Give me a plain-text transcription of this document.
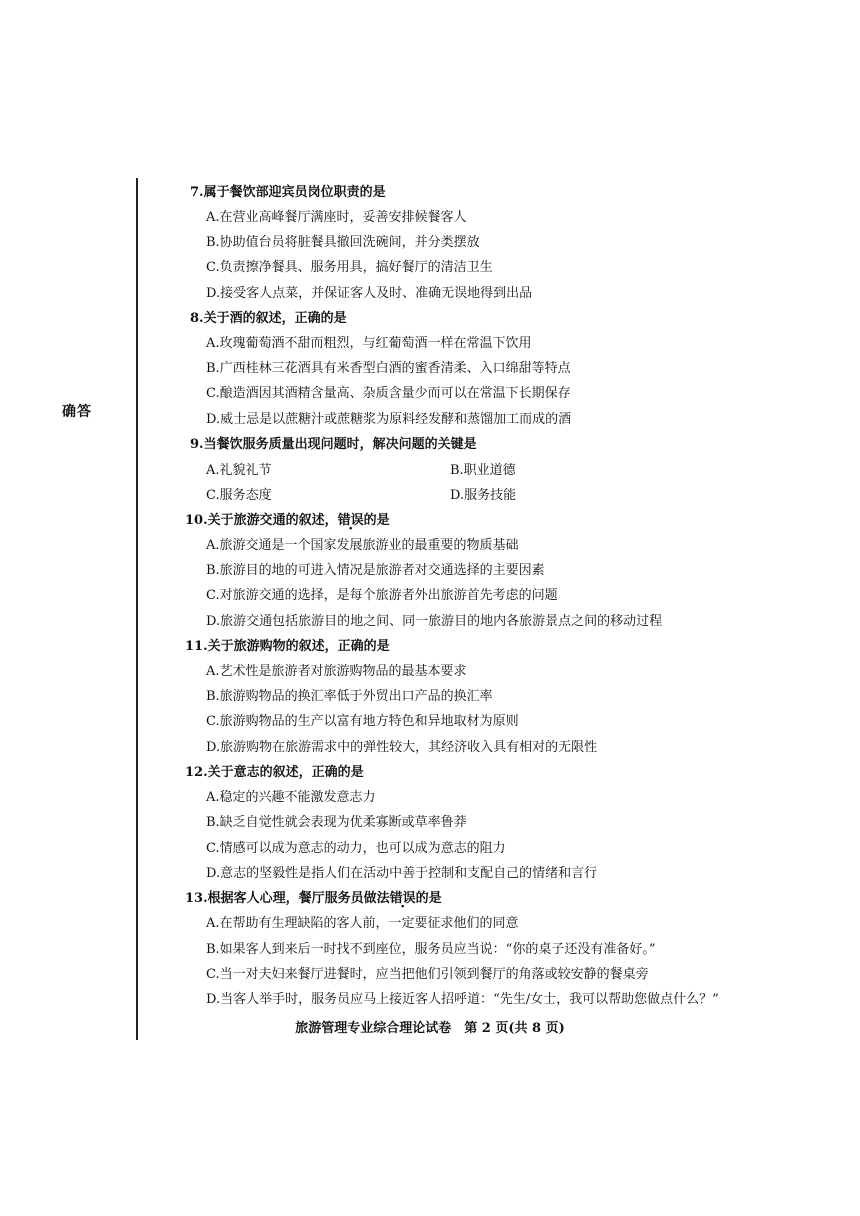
确答
7.属于餐饮部迎宾员岗位职责的是
A.在营业高峰餐厅满座时，妥善安排候餐客人
B.协助值台员将脏餐具撤回洗碗间，并分类摆放
C.负责擦净餐具、服务用具，搞好餐厅的清洁卫生
D.接受客人点菜，并保证客人及时、准确无误地得到出品
8.关于酒的叙述，正确的是
A.玫瑰葡萄酒不甜而粗烈，与红葡萄酒一样在常温下饮用
B.广西桂林三花酒具有米香型白酒的蜜香清柔、入口绵甜等特点
C.酿造酒因其酒精含量高、杂质含量少而可以在常温下长期保存
D.威士忌是以蔗糖汁或蔗糖浆为原料经发酵和蒸馏加工而成的酒
9.当餐饮服务质量出现问题时，解决问题的关键是
A.礼貌礼节	B.职业道德
C.服务态度	D.服务技能
10.关于旅游交通的叙述，错误的是
A.旅游交通是一个国家发展旅游业的最重要的物质基础
B.旅游目的地的可进入情况是旅游者对交通选择的主要因素
C.对旅游交通的选择，是每个旅游者外出旅游首先考虑的问题
D.旅游交通包括旅游目的地之间、同一旅游目的地内各旅游景点之间的移动过程
11.关于旅游购物的叙述，正确的是
A.艺术性是旅游者对旅游购物品的最基本要求
B.旅游购物品的换汇率低于外贸出口产品的换汇率
C.旅游购物品的生产以富有地方特色和异地取材为原则
D.旅游购物在旅游需求中的弹性较大，其经济收入具有相对的无限性
12.关于意志的叙述，正确的是
A.稳定的兴趣不能激发意志力
B.缺乏自觉性就会表现为优柔寡断或草率鲁莽
C.情感可以成为意志的动力，也可以成为意志的阻力
D.意志的坚毅性是指人们在活动中善于控制和支配自己的情绪和言行
13.根据客人心理，餐厅服务员做法错误的是
A.在帮助有生理缺陷的客人前，一定要征求他们的同意
B.如果客人到来后一时找不到座位，服务员应当说：“你的桌子还没有准备好。”
C.当一对夫妇来餐厅进餐时，应当把他们引领到餐厅的角落或较安静的餐桌旁
D.当客人举手时，服务员应马上接近客人招呼道：“先生/女士，我可以帮助您做点什么？”
旅游管理专业综合理论试卷　第 2 页(共 8 页)
